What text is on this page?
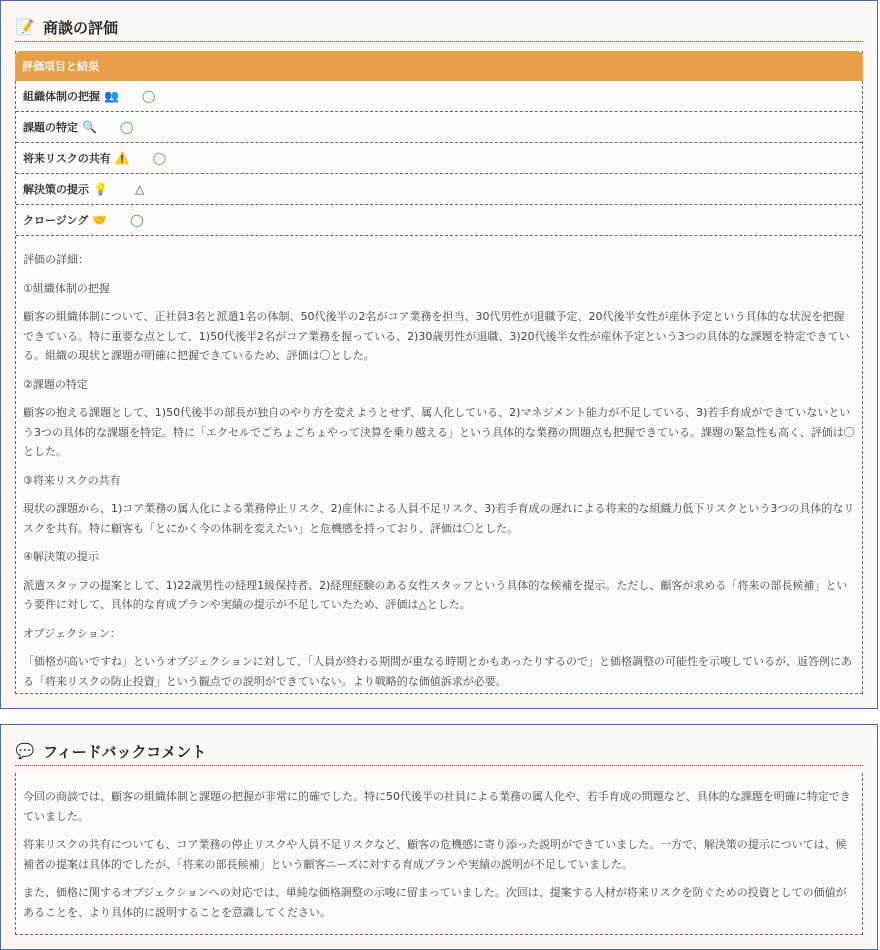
📝 商談の評価
評価項目と結果
組織体制の把握 👥 ◯
課題の特定 🔍 ◯
将来リスクの共有 ⚠️ ◯
解決策の提示 💡 △
クロージング 🤝 ◯

評価の詳細：

①組織体制の把握

顧客の組織体制について、正社員3名と派遣1名の体制、50代後半の2名がコア業務を担当、30代男性が退職予定、20代後半女性が産休予定という具体的な状況を把握できている。特に重要な点として、1)50代後半2名がコア業務を握っている、2)30歳男性が退職、3)20代後半女性が産休予定という3つの具体的な課題を特定できている。組織の現状と課題が明確に把握できているため、評価は〇とした。

②課題の特定

顧客の抱える課題として、1)50代後半の部長が独自のやり方を変えようとせず、属人化している、2)マネジメント能力が不足している、3)若手育成ができていないという3つの具体的な課題を特定。特に「エクセルでごちょごちょやって決算を乗り越える」という具体的な業務の問題点も把握できている。課題の緊急性も高く、評価は〇とした。

③将来リスクの共有

現状の課題から、1)コア業務の属人化による業務停止リスク、2)産休による人員不足リスク、3)若手育成の遅れによる将来的な組織力低下リスクという3つの具体的なリスクを共有。特に顧客も「とにかく今の体制を変えたい」と危機感を持っており、評価は〇とした。

④解決策の提示

派遣スタッフの提案として、1)22歳男性の経理1級保持者、2)経理経験のある女性スタッフという具体的な候補を提示。ただし、顧客が求める「将来の部長候補」という要件に対して、具体的な育成プランや実績の提示が不足していたため、評価は△とした。

オブジェクション：

「価格が高いですね」というオブジェクションに対して、「人員が終わる期間が重なる時期とかもあったりするので」と価格調整の可能性を示唆しているが、返答例にある「将来リスクの防止投資」という観点での説明ができていない。より戦略的な価値訴求が必要。

💬 フィードバックコメント

今回の商談では、顧客の組織体制と課題の把握が非常に的確でした。特に50代後半の社員による業務の属人化や、若手育成の問題など、具体的な課題を明確に特定できていました。

将来リスクの共有についても、コア業務の停止リスクや人員不足リスクなど、顧客の危機感に寄り添った説明ができていました。一方で、解決策の提示については、候補者の提案は具体的でしたが、「将来の部長候補」という顧客ニーズに対する育成プランや実績の説明が不足していました。

また、価格に関するオブジェクションへの対応では、単純な価格調整の示唆に留まっていました。次回は、提案する人材が将来リスクを防ぐための投資としての価値があることを、より具体的に説明することを意識してください。
